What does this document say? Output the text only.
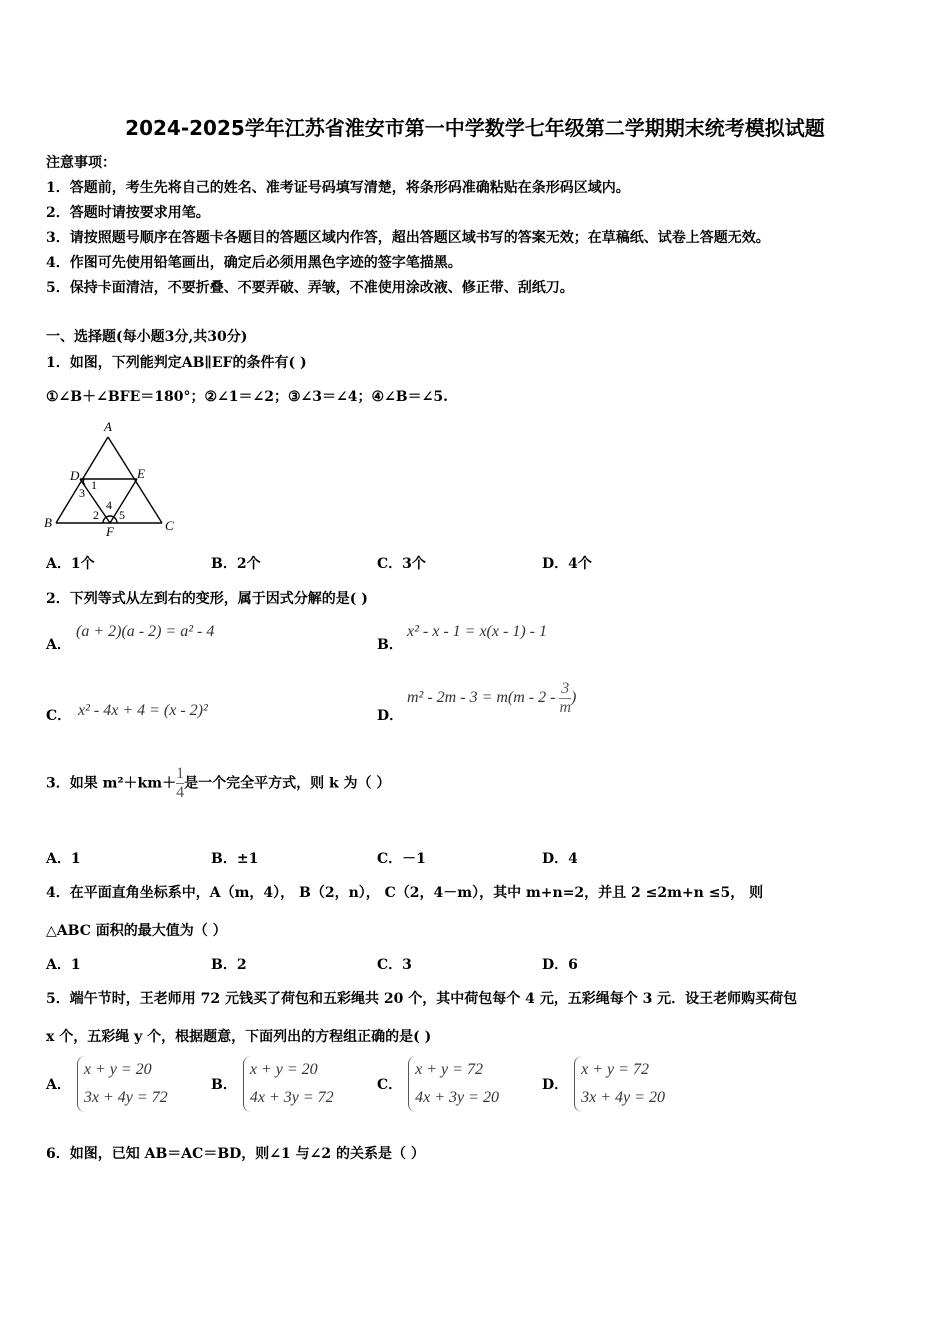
2024-2025学年江苏省淮安市第一中学数学七年级第二学期期末统考模拟试题
注意事项：
1．答题前，考生先将自己的姓名、准考证号码填写清楚，将条形码准确粘贴在条形码区域内。
2．答题时请按要求用笔。
3．请按照题号顺序在答题卡各题目的答题区域内作答，超出答题区域书写的答案无效；在草稿纸、试卷上答题无效。
4．作图可先使用铅笔画出，确定后必须用黑色字迹的签字笔描黑。
5．保持卡面清洁，不要折叠、不要弄破、弄皱，不准使用涂改液、修正带、刮纸刀。
一、选择题(每小题3分,共30分)
1．如图，下列能判定AB∥EF的条件有( )
①∠B＋∠BFE＝180°；②∠1＝∠2；③∠3＝∠4；④∠B＝∠5.
A
B	C
D	E
F
1
2
3
4
5
A．1个	B．2个	C．3个	D．4个
2．下列等式从左到右的变形，属于因式分解的是( )
A．
(a + 2)(a - 2) = a² - 4
B．
x² - x - 1 = x(x - 1) - 1
C． x² - 4x + 4 = (x - 2)²	D．
$m^2 - 2m - 3 = m(m - 2 - \frac{3}{m}$ )
3．如果 $m^2+km+ \frac{1}{4}$ 是一个完全平方式，则 k 为（ ）
A．1	B．±1	C．－1	D．4
4．在平面直角坐标系中，A（m，4）， B（2，n）， C（2，4－m），其中 m+n=2，并且 2 ≤2m+n ≤5， 则
△ABC 面积的最大值为（ ）
A．1	B．2	C．3	D．6
5．端午节时，王老师用 72 元钱买了荷包和五彩绳共 20 个，其中荷包每个 4 元，五彩绳每个 3 元．设王老师购买荷包
x 个，五彩绳 y 个，根据题意，下面列出的方程组正确的是( )
A．
x + y = 20
3x + 4y = 72
B．
x + y = 20
4x + 3y = 72
C．
x + y = 72
4x + 3y = 20
D．
x + y = 72
3x + 4y = 20
6．如图，已知 AB＝AC＝BD，则∠1 与∠2 的关系是（ ）
